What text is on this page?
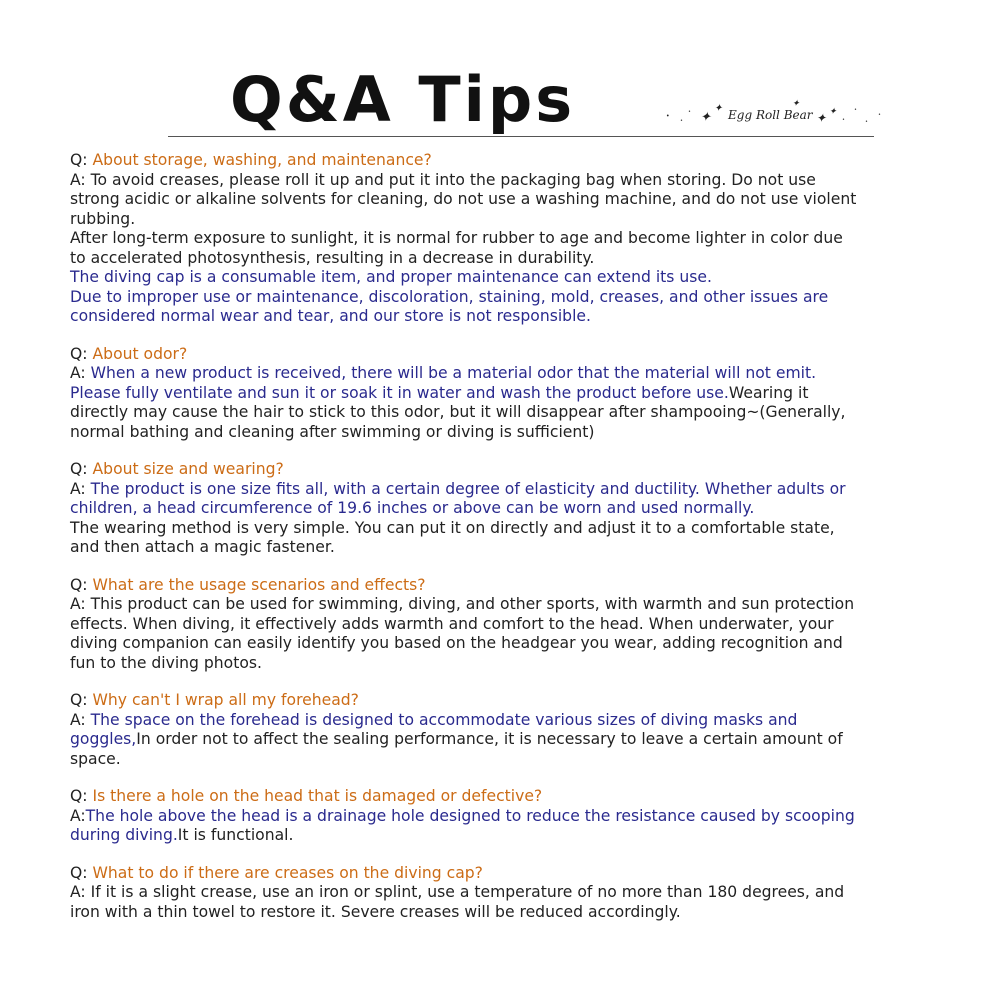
Q&A Tips	•
•
• ✦
✦ Egg Roll Bear
✦
✦ ✦
•
•
•
•
Q: About storage, washing, and maintenance?
A: To avoid creases, please roll it up and put it into the packaging bag when storing. Do not use
strong acidic or alkaline solvents for cleaning, do not use a washing machine, and do not use violent
rubbing.
After long-term exposure to sunlight, it is normal for rubber to age and become lighter in color due
to accelerated photosynthesis, resulting in a decrease in durability.
The diving cap is a consumable item, and proper maintenance can extend its use.
Due to improper use or maintenance, discoloration, staining, mold, creases, and other issues are
considered normal wear and tear, and our store is not responsible.
Q: About odor?
A: When a new product is received, there will be a material odor that the material will not emit.
Please fully ventilate and sun it or soak it in water and wash the product before use.Wearing it
directly may cause the hair to stick to this odor, but it will disappear after shampooing~(Generally,
normal bathing and cleaning after swimming or diving is sufficient)
Q: About size and wearing?
A: The product is one size fits all, with a certain degree of elasticity and ductility. Whether adults or
children, a head circumference of 19.6 inches or above can be worn and used normally.
The wearing method is very simple. You can put it on directly and adjust it to a comfortable state,
and then attach a magic fastener.
Q: What are the usage scenarios and effects?
A: This product can be used for swimming, diving, and other sports, with warmth and sun protection
effects. When diving, it effectively adds warmth and comfort to the head. When underwater, your
diving companion can easily identify you based on the headgear you wear, adding recognition and
fun to the diving photos.
Q: Why can't I wrap all my forehead?
A: The space on the forehead is designed to accommodate various sizes of diving masks and
goggles,In order not to affect the sealing performance, it is necessary to leave a certain amount of
space.
Q: Is there a hole on the head that is damaged or defective?
A:The hole above the head is a drainage hole designed to reduce the resistance caused by scooping
during diving.It is functional.
Q: What to do if there are creases on the diving cap?
A: If it is a slight crease, use an iron or splint, use a temperature of no more than 180 degrees, and
iron with a thin towel to restore it. Severe creases will be reduced accordingly.
